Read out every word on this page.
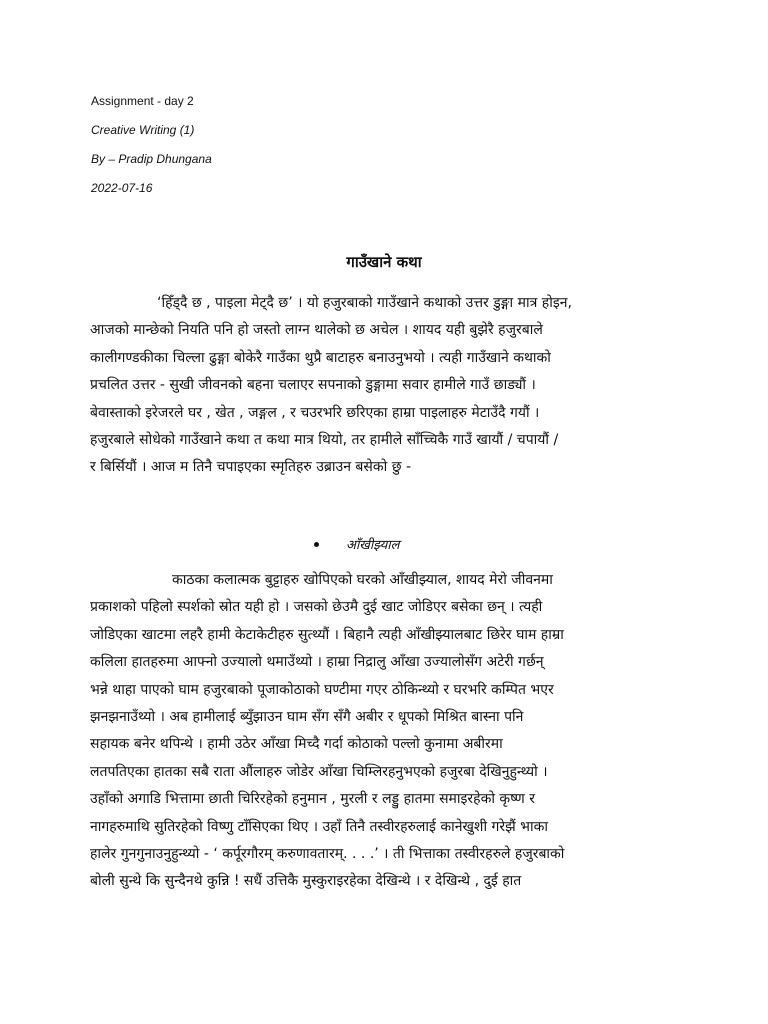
Assignment - day 2
Creative Writing (1)
By – Pradip Dhungana
2022-07-16
गाउँखाने कथा
‘हिँड्दै छ , पाइला मेट्दै छ’ । यो हजुरबाको गाउँखाने कथाको उत्तर डुङ्गा मात्र होइन,
आजको मान्छेको नियति पनि हो जस्तो लाग्न थालेको छ अचेल । शायद यही बुझेरै हजुरबाले
कालीगण्डकीका चिल्ला ढुङ्गा बोकेरै गाउँका थुप्रै बाटाहरु बनाउनुभयो । त्यही गाउँखाने कथाको
प्रचलित उत्तर - सुखी जीवनको बहना चलाएर सपनाको डुङ्गामा सवार हामीले गाउँ छाड्यौं ।
बेवास्ताको इरेजरले घर , खेत , जङ्गल , र चउरभरि छरिएका हाम्रा पाइलाहरु मेटाउँदै गयौं ।
हजुरबाले सोधेको गाउँखाने कथा त कथा मात्र थियो, तर हामीले साँच्चिकै गाउँ खायौं / चपायौं /
र बिर्सियौं । आज म तिनै चपाइएका स्मृतिहरु उब्राउन बसेको छु -
आँखीझ्याल
काठका कलात्मक बुट्टाहरु खोपिएको घरको आँखीझ्याल, शायद मेरो जीवनमा
प्रकाशको पहिलो स्पर्शको स्रोत यही हो । जसको छेउमै दुई खाट जोडिएर बसेका छन् । त्यही
जोडिएका खाटमा लहरै हामी केटाकेटीहरु सुत्थ्यौं । बिहानै त्यही आँखीझ्यालबाट छिरेर घाम हाम्रा
कलिला हातहरुमा आफ्नो उज्यालो थमाउँथ्यो । हाम्रा निद्रालु आँखा उज्यालोसँग अटेरी गर्छन्
भन्ने थाहा पाएको घाम हजुरबाको पूजाकोठाको घण्टीमा गएर ठोकिन्थ्यो र घरभरि कम्पित भएर
झनझनाउँथ्यो । अब हामीलाई ब्युँझाउन घाम सँग सँगै अबीर र धूपको मिश्रित बास्ना पनि
सहायक बनेर थपिन्थे । हामी उठेर आँखा मिच्दै गर्दा कोठाको पल्लो कुनामा अबीरमा
लतपतिएका हातका सबै राता औंलाहरु जोडेर आँखा चिम्लिरहनुभएको हजुरबा देखिनुहुन्थ्यो ।
उहाँको अगाडि भित्तामा छाती चिरिरहेको हनुमान , मुरली र लड्डु हातमा समाइरहेको कृष्ण र
नागहरुमाथि सुतिरहेको विष्णु टाँसिएका थिए । उहाँ तिनै तस्वीरहरुलाई कानेखुशी गरेझैं भाका
हालेर गुनगुनाउनुहुन्थ्यो - ‘ कर्पूरगौरम् करुणावतारम्. . . .’ । ती भित्ताका तस्वीरहरुले हजुरबाको
बोली सुन्थे कि सुन्दैनथे कुन्नि ! सधैं उत्तिकै मुस्कुराइरहेका देखिन्थे । र देखिन्थे , दुई हात
